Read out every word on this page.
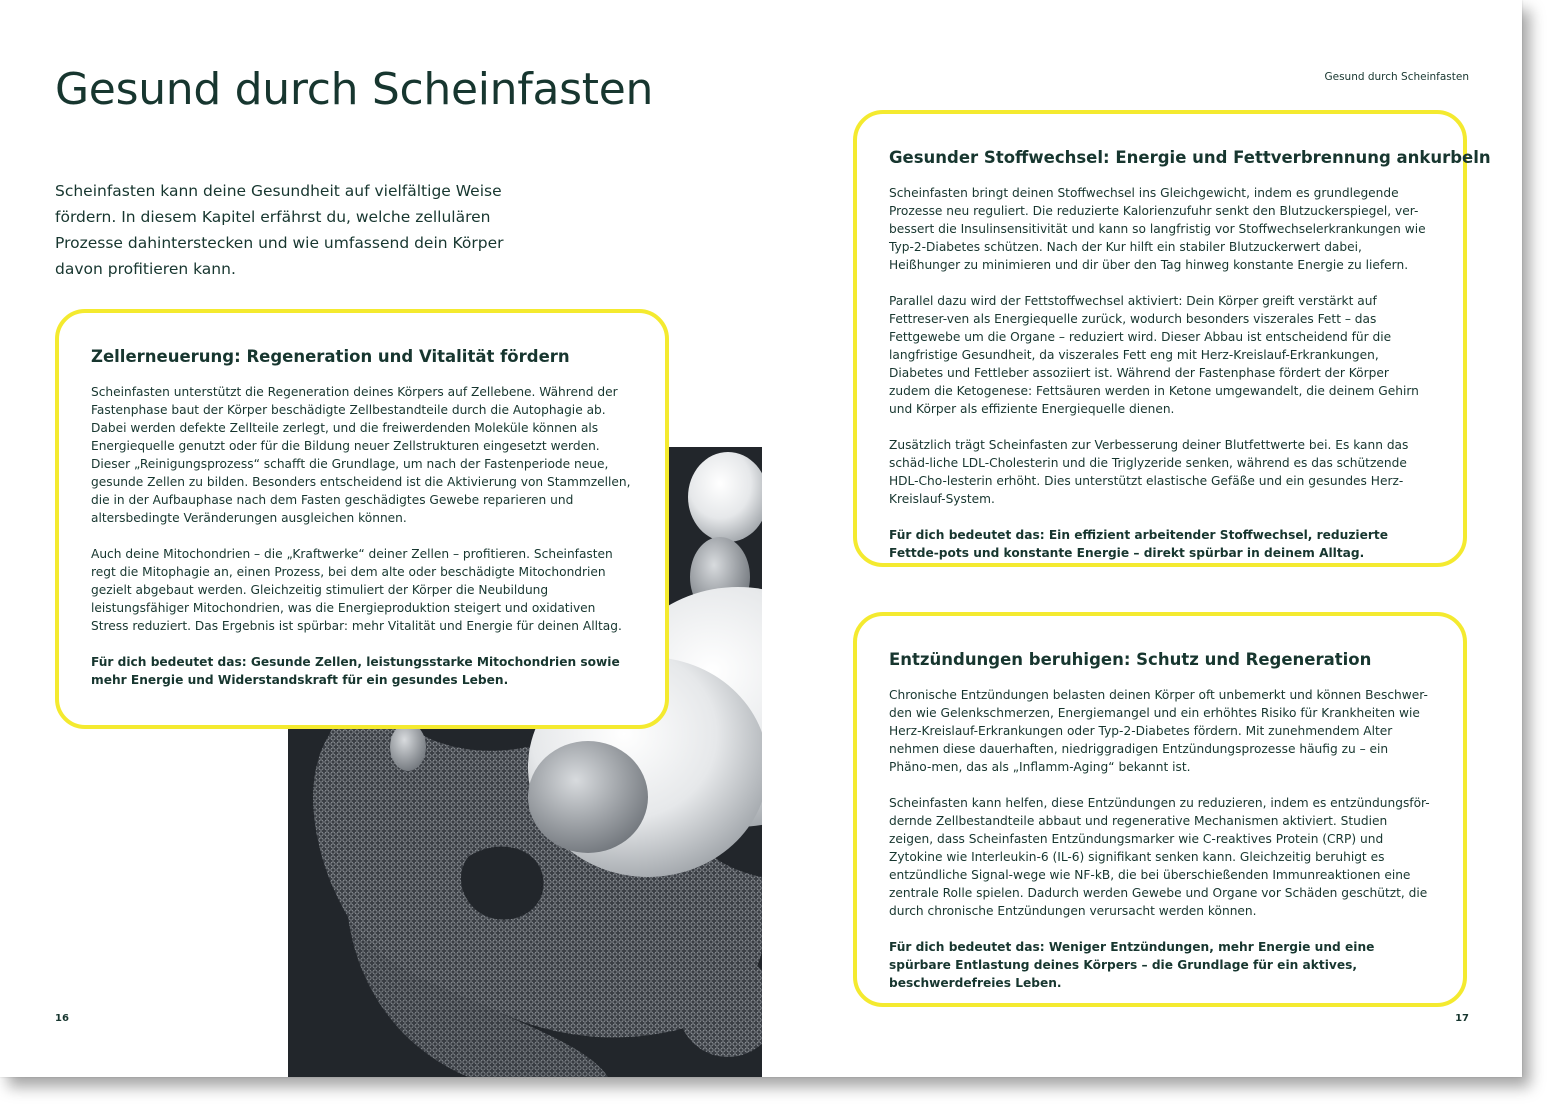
Gesund durch Scheinfasten

Scheinfasten kann deine Gesundheit auf vielfältige Weise fördern. In diesem Kapitel erfährst du, welche zellulären Prozesse dahinterstecken und wie umfassend dein Körper davon profitieren kann.

Gesund durch Scheinfasten
Zellerneuerung: Regeneration und Vitalität fördern

Scheinfasten unterstützt die Regeneration deines Körpers auf Zellebene. Während der Fastenphase baut der Körper beschädigte Zellbestandteile durch die Autophagie ab. Dabei werden defekte Zellteile zerlegt, und die freiwerdenden Moleküle können als Energiequelle genutzt oder für die Bildung neuer Zellstrukturen eingesetzt werden. Dieser „Reinigungsprozess“ schafft die Grundlage, um nach der Fastenperiode neue, gesunde Zellen zu bilden. Besonders entscheidend ist die Aktivierung von Stammzellen, die in der Aufbauphase nach dem Fasten geschädigtes Gewebe reparieren und altersbedingte Veränderungen ausgleichen können.

Auch deine Mitochondrien – die „Kraftwerke“ deiner Zellen – profitieren. Scheinfasten regt die Mitophagie an, einen Prozess, bei dem alte oder beschädigte Mitochondrien gezielt abgebaut werden. Gleichzeitig stimuliert der Körper die Neubildung leistungsfähiger Mitochondrien, was die Energieproduktion steigert und oxidativen Stress reduziert. Das Ergebnis ist spürbar: mehr Vitalität und Energie für deinen Alltag.

Für dich bedeutet das: Gesunde Zellen, leistungsstarke Mitochondrien sowie mehr Energie und Widerstandskraft für ein gesundes Leben.

Gesunder Stoffwechsel: Energie und Fettverbrennung ankurbeln

Scheinfasten bringt deinen Stoffwechsel ins Gleichgewicht, indem es grundlegende Prozesse neu reguliert. Die reduzierte Kalorienzufuhr senkt den Blutzuckerspiegel, ver-bessert die Insulinsensitivität und kann so langfristig vor Stoffwechselerkrankungen wie Typ-2-Diabetes schützen. Nach der Kur hilft ein stabiler Blutzuckerwert dabei, Heißhunger zu minimieren und dir über den Tag hinweg konstante Energie zu liefern.

Parallel dazu wird der Fettstoffwechsel aktiviert: Dein Körper greift verstärkt auf Fettreser-ven als Energiequelle zurück, wodurch besonders viszerales Fett – das Fettgewebe um die Organe – reduziert wird. Dieser Abbau ist entscheidend für die langfristige Gesundheit, da viszerales Fett eng mit Herz-Kreislauf-Erkrankungen, Diabetes und Fettleber assoziiert ist. Während der Fastenphase fördert der Körper zudem die Ketogenese: Fettsäuren werden in Ketone umgewandelt, die deinem Gehirn und Körper als effiziente Energiequelle dienen.

Zusätzlich trägt Scheinfasten zur Verbesserung deiner Blutfettwerte bei. Es kann das schäd-liche LDL-Cholesterin und die Triglyzeride senken, während es das schützende HDL-Cho-lesterin erhöht. Dies unterstützt elastische Gefäße und ein gesundes Herz-Kreislauf-System.

Für dich bedeutet das: Ein effizient arbeitender Stoffwechsel, reduzierte Fettde-pots und konstante Energie – direkt spürbar in deinem Alltag.

Entzündungen beruhigen: Schutz und Regeneration

Chronische Entzündungen belasten deinen Körper oft unbemerkt und können Beschwer-den wie Gelenkschmerzen, Energiemangel und ein erhöhtes Risiko für Krankheiten wie Herz-Kreislauf-Erkrankungen oder Typ-2-Diabetes fördern. Mit zunehmendem Alter nehmen diese dauerhaften, niedriggradigen Entzündungsprozesse häufig zu – ein Phäno-men, das als „Inflamm-Aging“ bekannt ist.

Scheinfasten kann helfen, diese Entzündungen zu reduzieren, indem es entzündungsför-dernde Zellbestandteile abbaut und regenerative Mechanismen aktiviert. Studien zeigen, dass Scheinfasten Entzündungsmarker wie C-reaktives Protein (CRP) und Zytokine wie Interleukin-6 (IL-6) signifikant senken kann. Gleichzeitig beruhigt es entzündliche Signal-wege wie NF-kB, die bei überschießenden Immunreaktionen eine zentrale Rolle spielen. Dadurch werden Gewebe und Organe vor Schäden geschützt, die durch chronische Entzündungen verursacht werden können.

Für dich bedeutet das: Weniger Entzündungen, mehr Energie und eine spürbare Entlastung deines Körpers – die Grundlage für ein aktives, beschwerdefreies Leben.

16	17
